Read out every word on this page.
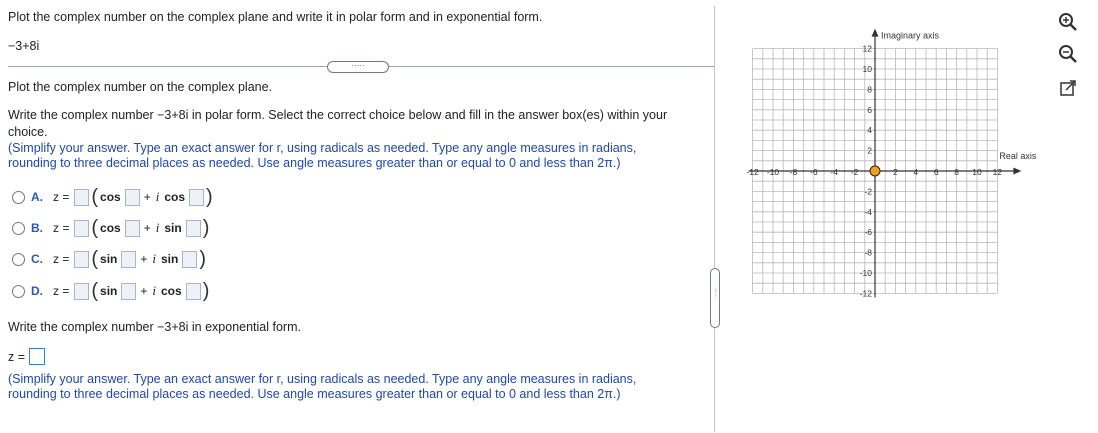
Plot the complex number on the complex plane and write it in polar form and in exponential form.
−3+8i
·····
Plot the complex number on the complex plane.
Write the complex number −3+8i in polar form. Select the correct choice below and fill in the answer box(es) within your
choice.
(Simplify your answer. Type an exact answer for r, using radicals as needed. Type any angle measures in radians,
rounding to three decimal places as needed. Use angle measures greater than or equal to 0 and less than 2π.)
A. z = ( cos + i cos )
B. z = ( cos + i sin )
C. z = ( sin + i sin )
D. z = ( sin + i cos )
Write the complex number −3+8i in exponential form.
z =
(Simplify your answer. Type an exact answer for r, using radicals as needed. Type any angle measures in radians,
rounding to three decimal places as needed. Use angle measures greater than or equal to 0 and less than 2π.)
·····
-12 -10 -8 -6 -4 -2	2 4 6 8 10 12
12
10
8
6
4
2
-2
-4
-6
-8
-10
-12
Imaginary axis
Real axis
